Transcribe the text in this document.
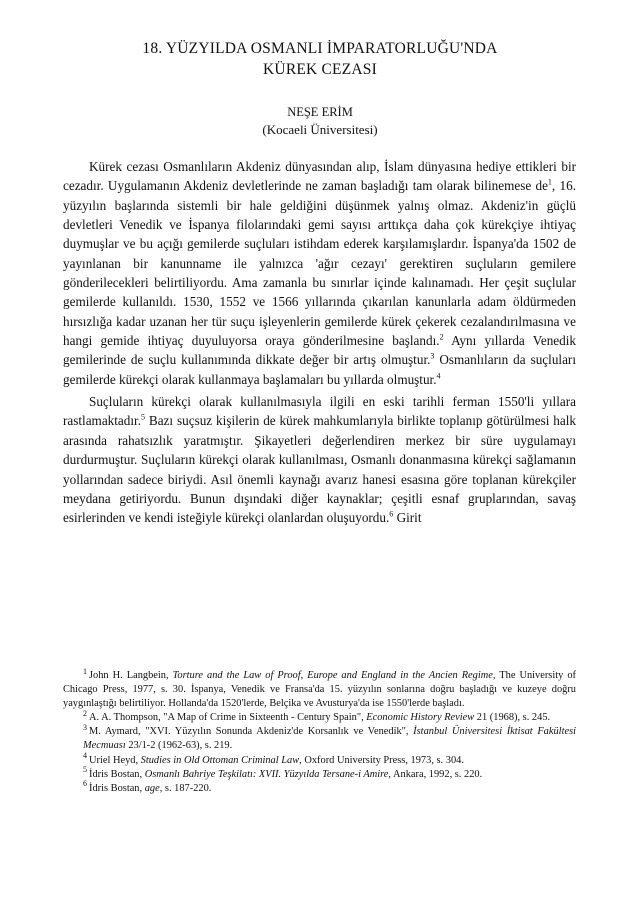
18. YÜZYILDA OSMANLI İMPARATORLUĞU'NDA
KÜREK CEZASI
NEŞE ERİM
(Kocaeli Üniversitesi)

Kürek cezası Osmanlıların Akdeniz dünyasından alıp, İslam dünyasına hediye ettikleri bir cezadır. Uygulamanın Akdeniz devletlerinde ne zaman başladığı tam olarak bilinemese $de^1$, 16. yüzyılın başlarında sistemli bir hale geldiğini düşünmek yalnış olmaz. Akdeniz'in güçlü devletleri Venedik ve İspanya filolarındaki gemi sayısı arttıkça daha çok kürekçiye ihtiyaç duymuşlar ve bu açığı gemilerde suçluları istihdam ederek karşılamışlardır. İspanya'da 1502 de yayınlanan bir kanunname ile yalnızca 'ağır cezayı' gerektiren suçluların gemilere gönderilecekleri belirtiliyordu. Ama zamanla bu sınırlar içinde kalınamadı. Her çeşit suçlular gemilerde kullanıldı. 1530, 1552 ve 1566 yıllarında çıkarılan kanunlarla adam öldürmeden hırsızlığa kadar uzanan her tür suçu işleyenlerin gemilerde kürek çekerek cezalandırılmasına ve hangi gemide ihtiyaç duyuluyorsa oraya gönderilmesine başlandı.$^2$ Aynı yıllarda Venedik gemilerinde de suçlu kullanımında dikkate değer bir artış olmuştur.$^3$ Osmanlıların da suçluları gemilerde kürekçi olarak kullanmaya başlamaları bu yıllarda olmuştur.$^4$

Suçluların kürekçi olarak kullanılmasıyla ilgili en eski tarihli ferman 1550'li yıllara rastlamaktadır.$^5$ Bazı suçsuz kişilerin de kürek mahkumlarıyla birlikte toplanıp götürülmesi halk arasında rahatsızlık yaratmıştır. Şikayetleri değerlendiren merkez bir süre uygulamayı durdurmuştur. Suçluların kürekçi olarak kullanılması, Osmanlı donanmasına kürekçi sağlamanın yollarından sadece biriydi. Asıl önemli kaynağı avarız hanesi esasına göre toplanan kürekçiler meydana getiriyordu. Bunun dışındaki diğer kaynaklar; çeşitli esnaf gruplarından, savaş esirlerinden ve kendi isteğiyle kürekçi olanlardan oluşuyordu.$^6$ Girit

$^1$ John H. Langbein, Torture and the Law of Proof, Europe and England in the Ancien Regime, The University of Chicago Press, 1977, s. 30. İspanya, Venedik ve Fransa'da 15. yüzyılın sonlarına doğru başladığı ve kuzeye doğru yaygınlaştığı belirtiliyor. Hollanda'da 1520'lerde, Belçika ve Avusturya'da ise 1550'lerde başladı.

$^2$ A. A. Thompson, "A Map of Crime in Sixteenth - Century Spain", Economic History Review 21 (1968), s. 245.

$^3$ M. Aymard, "XVI. Yüzyılın Sonunda Akdeniz'de Korsanlık ve Venedik", İstanbul Üniversitesi İktisat Fakültesi Mecmuası 23/1-2 (1962-63), s. 219.

$^4$ Uriel Heyd, Studies in Old Ottoman Criminal Law, Oxford University Press, 1973, s. 304.

$^5$ İdris Bostan, Osmanlı Bahriye Teşkilatı: XVII. Yüzyılda Tersane-i Amire, Ankara, 1992, s. 220.

$^6$ İdris Bostan, age, s. 187-220.
